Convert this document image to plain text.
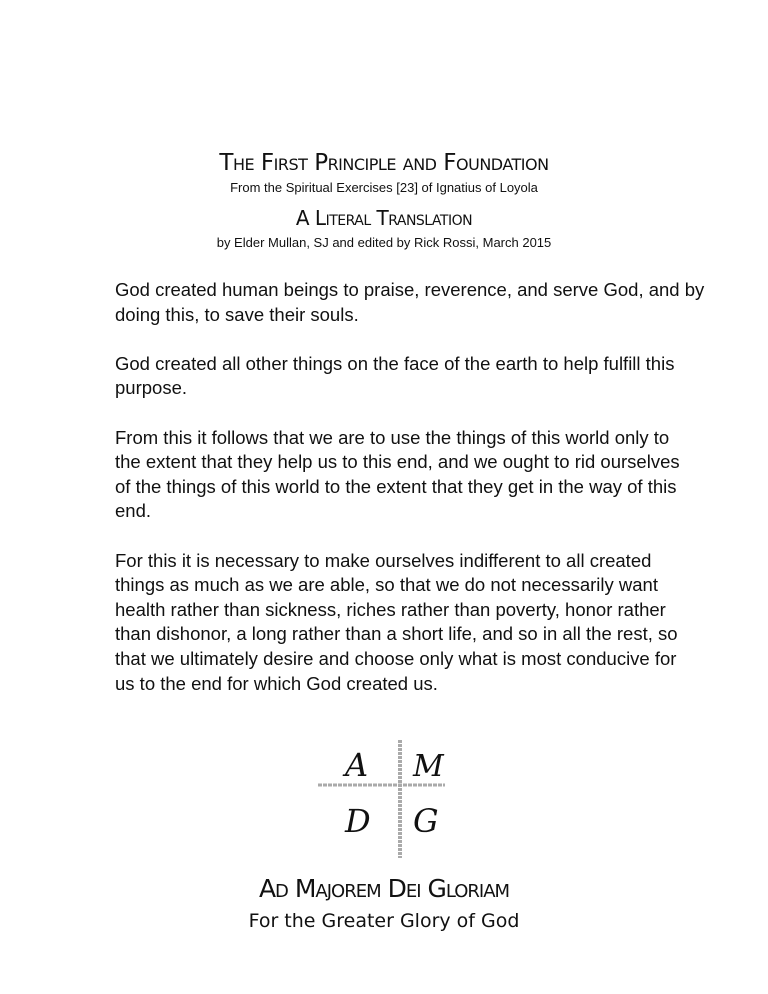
The First Principle and Foundation
From the Spiritual Exercises [23] of Ignatius of Loyola
A Literal Translation
by Elder Mullan, SJ and edited by Rick Rossi, March 2015

God created human beings to praise, reverence, and serve God, and by
doing this, to save their souls.

God created all other things on the face of the earth to help fulfill this
purpose.

From this it follows that we are to use the things of this world only to
the extent that they help us to this end, and we ought to rid ourselves
of the things of this world to the extent that they get in the way of this
end.

For this it is necessary to make ourselves indifferent to all created
things as much as we are able, so that we do not necessarily want
health rather than sickness, riches rather than poverty, honor rather
than dishonor, a long rather than a short life, and so in all the rest, so
that we ultimately desire and choose only what is most conducive for
us to the end for which God created us.

A M
D G
Ad Majorem Dei Gloriam
For the Greater Glory of God
